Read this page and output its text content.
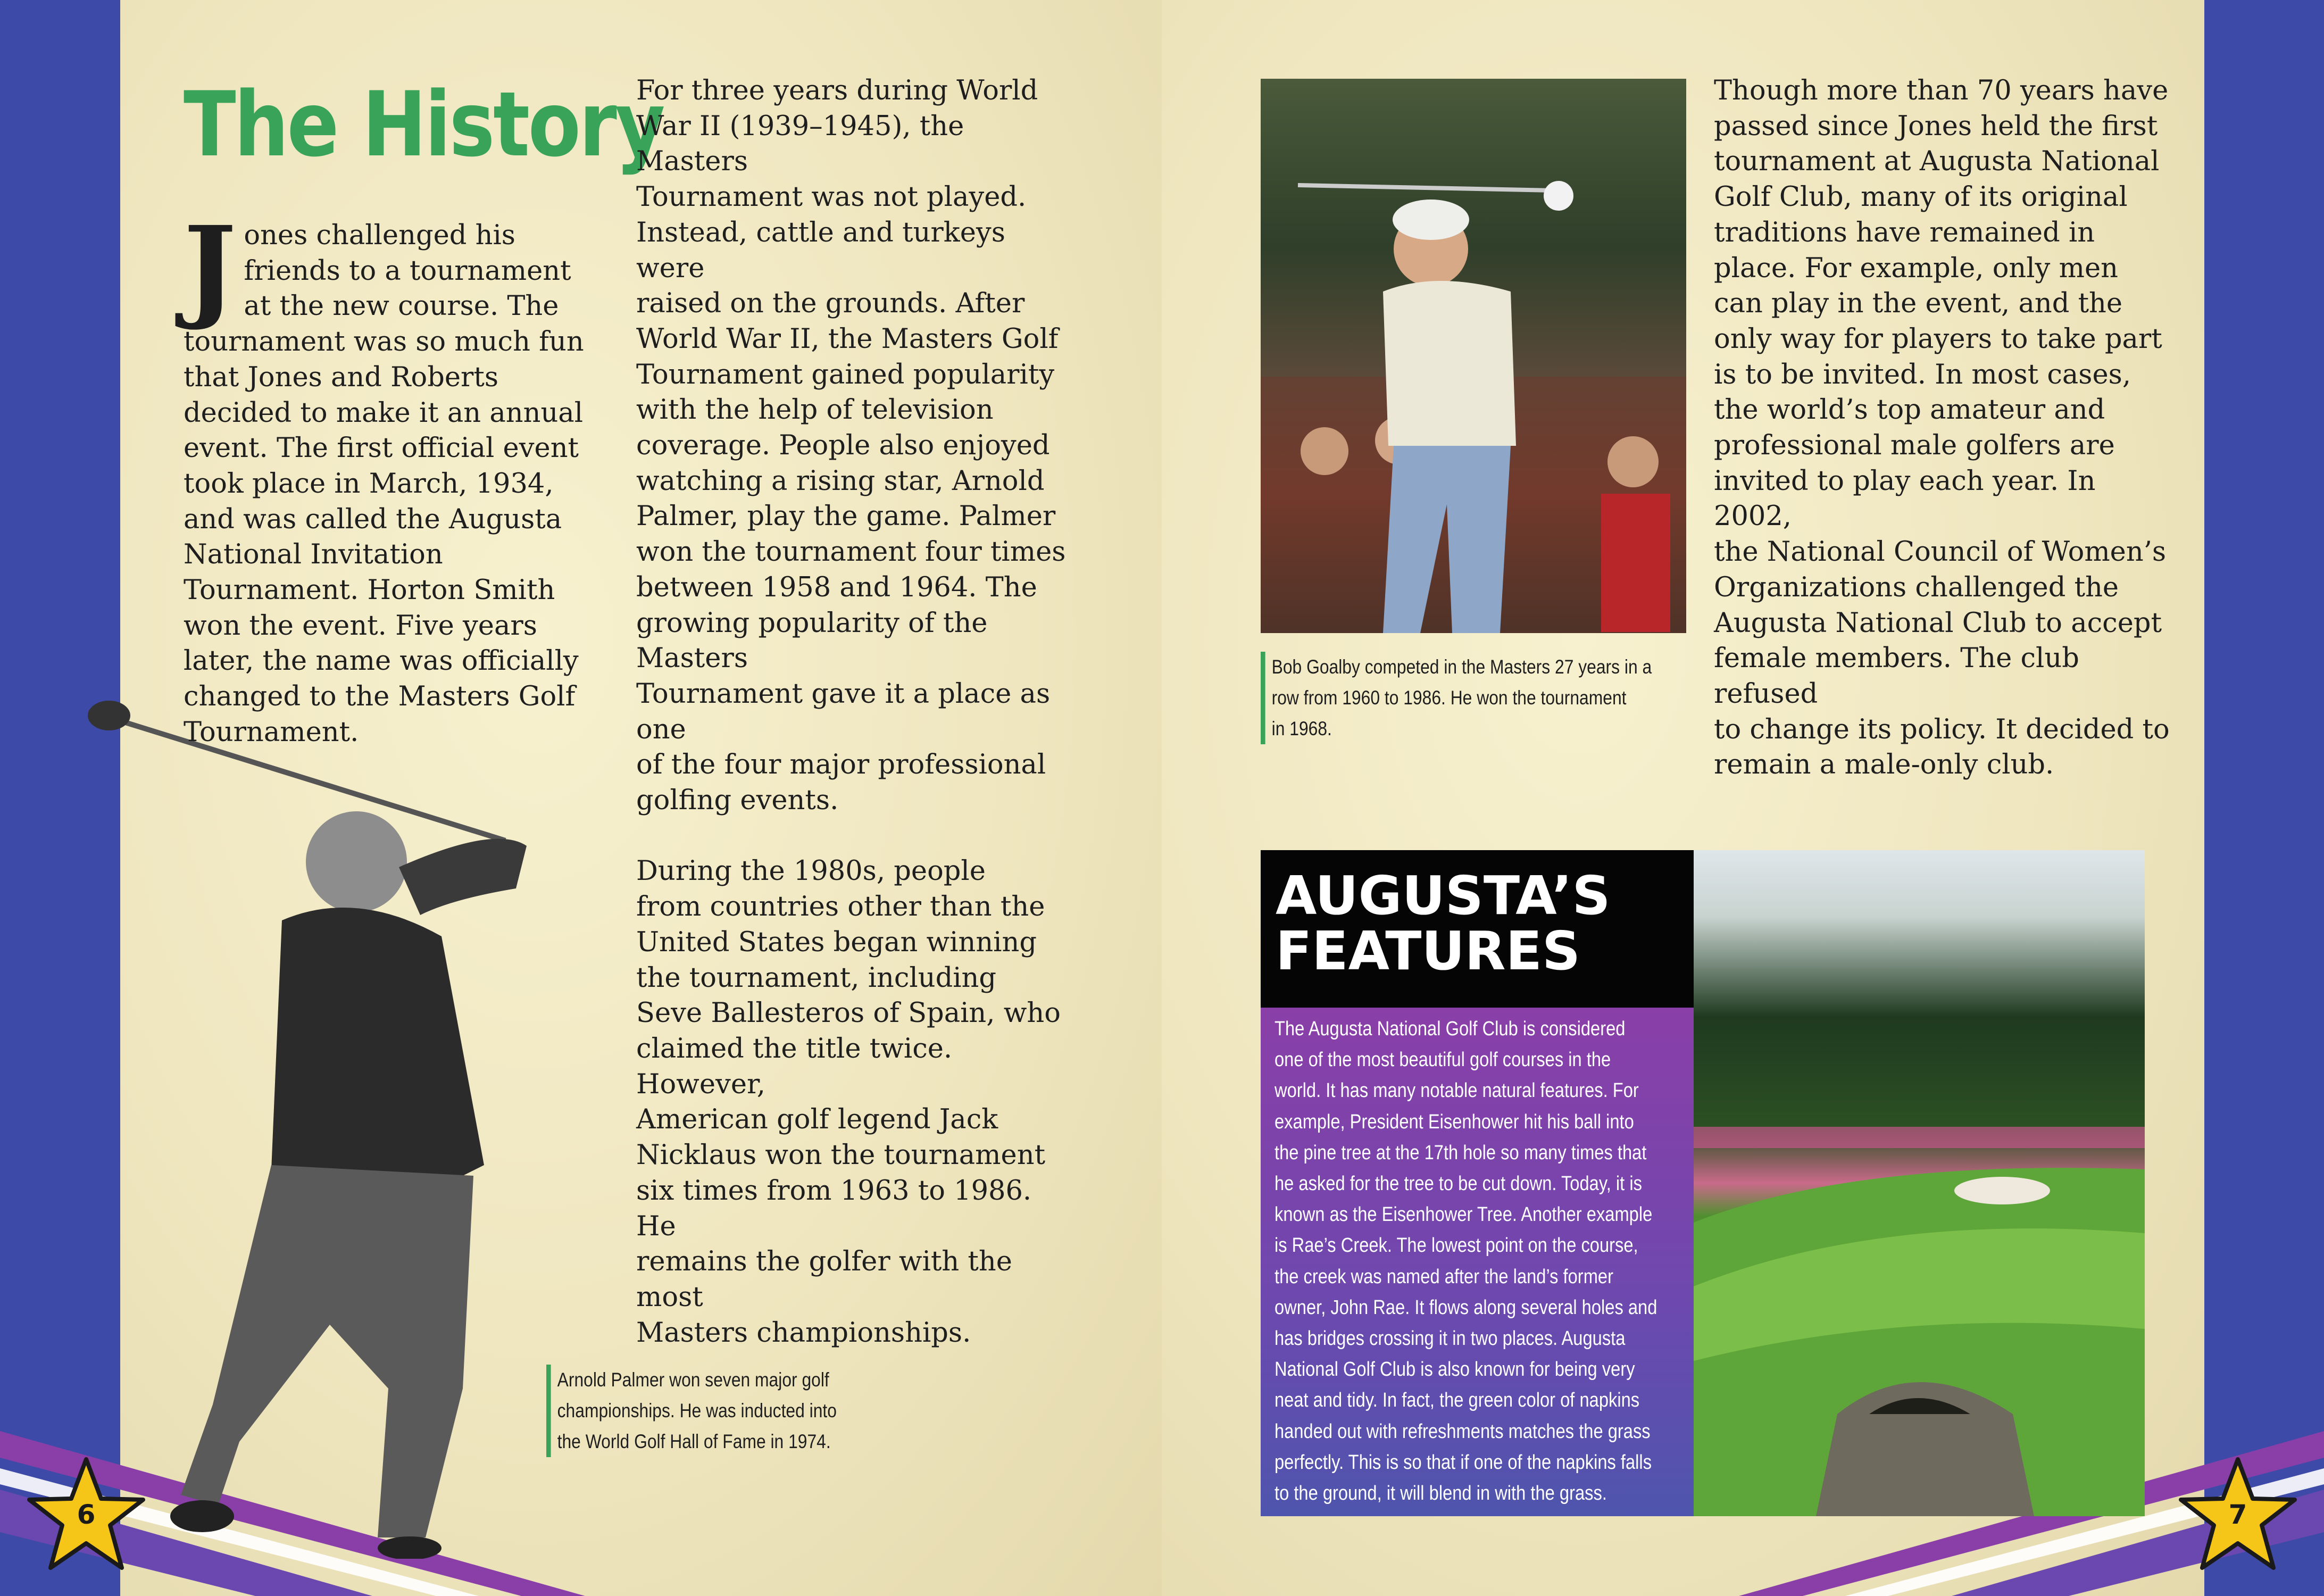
The History

Jones challenged his friends to a tournament at the new course. The tournament was so much fun that Jones and Roberts decided to make it an annual event. The first official event took place in March, 1934, and was called the Augusta National Invitation Tournament. Horton Smith won the event. Five years later, the name was officially changed to the Masters Golf Tournament.

For three years during World
War II (1939–1945), the Masters
Tournament was not played.
Instead, cattle and turkeys were
raised on the grounds. After
World War II, the Masters Golf
Tournament gained popularity
with the help of television
coverage. People also enjoyed
watching a rising star, Arnold
Palmer, play the game. Palmer
won the tournament four times
between 1958 and 1964. The
growing popularity of the Masters
Tournament gave it a place as one
of the four major professional
golfing events.

During the 1980s, people
from countries other than the
United States began winning
the tournament, including
Seve Ballesteros of Spain, who
claimed the title twice. However,
American golf legend Jack
Nicklaus won the tournament
six times from 1963 to 1986. He
remains the golfer with the most
Masters championships.

Arnold Palmer won seven major golf
championships. He was inducted into
the World Golf Hall of Fame in 1974.
Bob Goalby competed in the Masters 27 years in a
row from 1960 to 1986. He won the tournament
in 1968.

Though more than 70 years have
passed since Jones held the first
tournament at Augusta National
Golf Club, many of its original
traditions have remained in
place. For example, only men
can play in the event, and the
only way for players to take part
is to be invited. In most cases,
the world’s top amateur and
professional male golfers are
invited to play each year. In 2002,
the National Council of Women’s
Organizations challenged the
Augusta National Club to accept
female members. The club refused
to change its policy. It decided to
remain a male-only club.

AUGUSTA’S
FEATURES

The Augusta National Golf Club is considered
one of the most beautiful golf courses in the
world. It has many notable natural features. For
example, President Eisenhower hit his ball into
the pine tree at the 17th hole so many times that
he asked for the tree to be cut down. Today, it is
known as the Eisenhower Tree. Another example
is Rae’s Creek. The lowest point on the course,
the creek was named after the land’s former
owner, John Rae. It flows along several holes and
has bridges crossing it in two places. Augusta
National Golf Club is also known for being very
neat and tidy. In fact, the green color of napkins
handed out with refreshments matches the grass
perfectly. This is so that if one of the napkins falls
to the ground, it will blend in with the grass.

6	7
